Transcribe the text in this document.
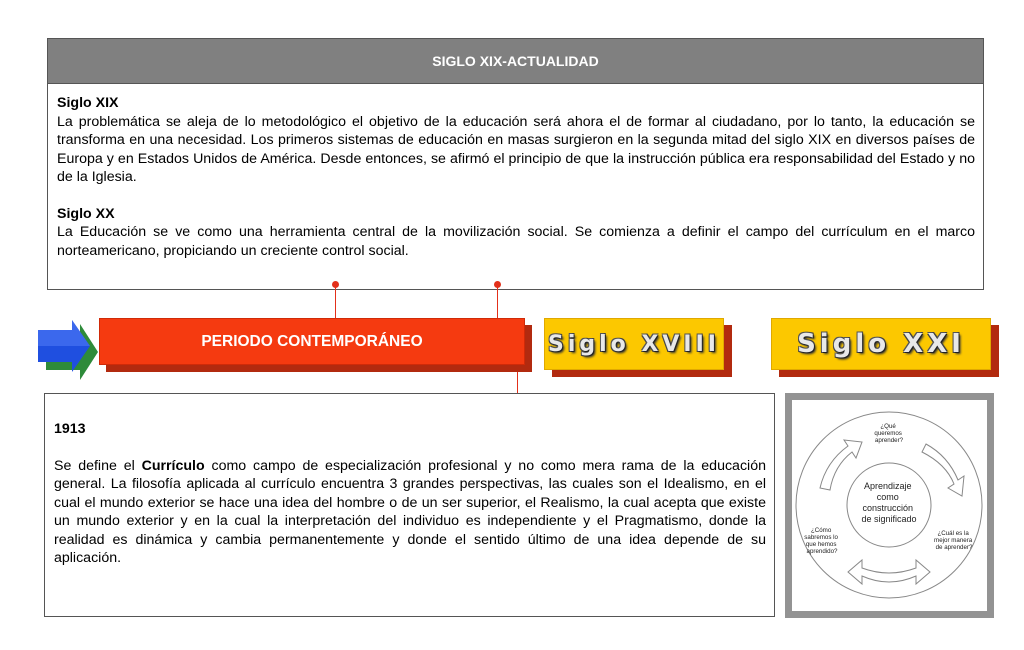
SIGLO XIX-ACTUALIDAD
Siglo XIX
La problemática se aleja de lo metodológico el objetivo de la educación será ahora el de formar al ciudadano, por lo tanto, la educación se transforma en una necesidad. Los primeros sistemas de educación en masas surgieron en la segunda mitad del siglo XIX en diversos países de Europa y en Estados Unidos de América. Desde entonces, se afirmó el principio de que la instrucción pública era responsabilidad del Estado y no de la Iglesia.
Siglo XX
La Educación se ve como una herramienta central de la movilización social. Se comienza a definir el campo del currículum en el marco norteamericano, propiciando un creciente control social.
PERIODO CONTEMPORÁNEO	Siglo XVIII	Siglo XXI
1913
Se define el Currículo como campo de especialización profesional y no como mera rama de la educación general. La filosofía aplicada al currículo encuentra 3 grandes perspectivas, las cuales son el Idealismo, en el cual el mundo exterior se hace una idea del hombre o de un ser superior, el Realismo, la cual acepta que existe un mundo exterior y en la cual la interpretación del individuo es independiente y el Pragmatismo, donde la realidad es dinámica y cambia permanentemente y donde el sentido último de una idea depende de su aplicación.
Aprendizaje como construcción de significado
¿Qué queremos aprender?
¿Cómo sabremos lo que hemos aprendido?
¿Cuál es la mejor manera de aprender?
